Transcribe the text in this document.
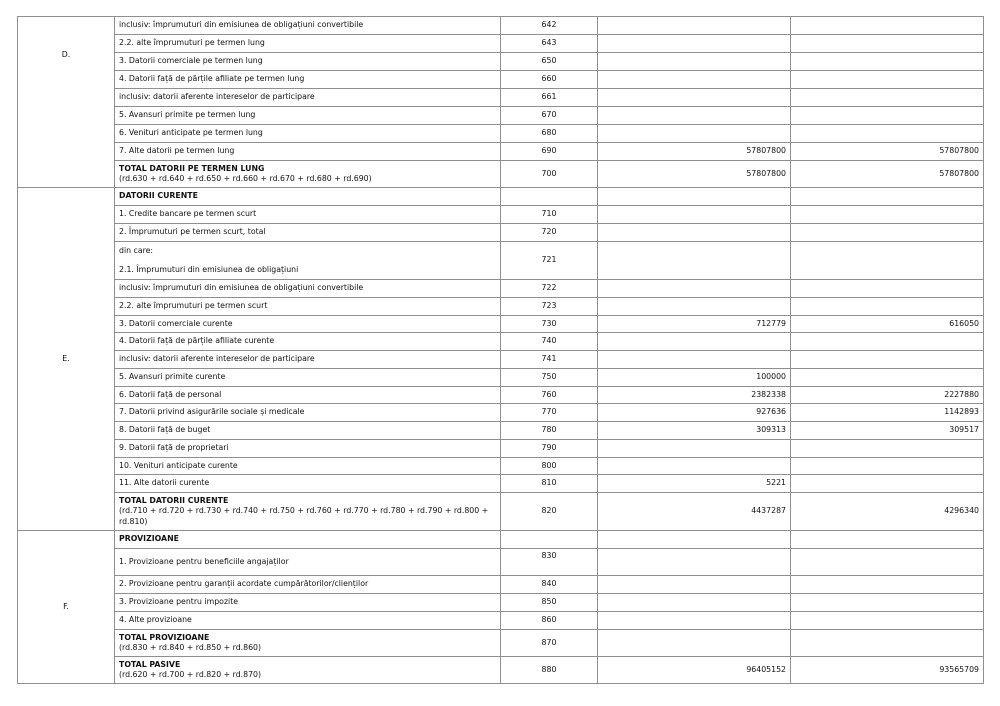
D.	inclusiv: împrumuturi din emisiunea de obligațiuni convertibile	642		
	2.2. alte împrumuturi pe termen lung	643		
	3. Datorii comerciale pe termen lung	650		
	4. Datorii față de părțile afiliate pe termen lung	660		
	inclusiv: datorii aferente intereselor de participare	661		
	5. Avansuri primite pe termen lung	670		
	6. Venituri anticipate pe termen lung	680		
	7. Alte datorii pe termen lung	690	57807800	57807800

	TOTAL DATORII PE TERMEN LUNG
(rd.630 + rd.640 + rd.650 + rd.660 + rd.670 + rd.680 + rd.690)	700	57807800	57807800
E.	DATORII CURENTE			

	1. Credite bancare pe termen scurt	710		
	2. Împrumuturi pe termen scurt, total	720		

	din care:
2.1. Împrumuturi din emisiunea de obligațiuni	721		
	inclusiv: împrumuturi din emisiunea de obligațiuni convertibile	722		
	2.2. alte împrumuturi pe termen scurt	723		
	3. Datorii comerciale curente	730	712779	616050
	4. Datorii față de părțile afiliate curente	740		
	inclusiv: datorii aferente intereselor de participare	741		
	5. Avansuri primite curente	750	100000	
	6. Datorii față de personal	760	2382338	2227880
	7. Datorii privind asigurările sociale și medicale	770	927636	1142893
	8. Datorii față de buget	780	309313	309517
	9. Datorii față de proprietari	790		
	10. Venituri anticipate curente	800		
	11. Alte datorii curente	810	5221	

	TOTAL DATORII CURENTE
(rd.710 + rd.720 + rd.730 + rd.740 + rd.750 + rd.760 + rd.770 + rd.780 + rd.790 + rd.800 + rd.810)	820	4437287	4296340
F.	PROVIZIOANE			

	1. Provizioane pentru beneficiile angajaților	830		
	2. Provizioane pentru garanții acordate cumpărătorilor/clienților	840		
	3. Provizioane pentru impozite	850		
	4. Alte provizioane	860		

	TOTAL PROVIZIOANE
(rd.830 + rd.840 + rd.850 + rd.860)	870		

	TOTAL PASIVE
(rd.620 + rd.700 + rd.820 + rd.870)	880	96405152	93565709
